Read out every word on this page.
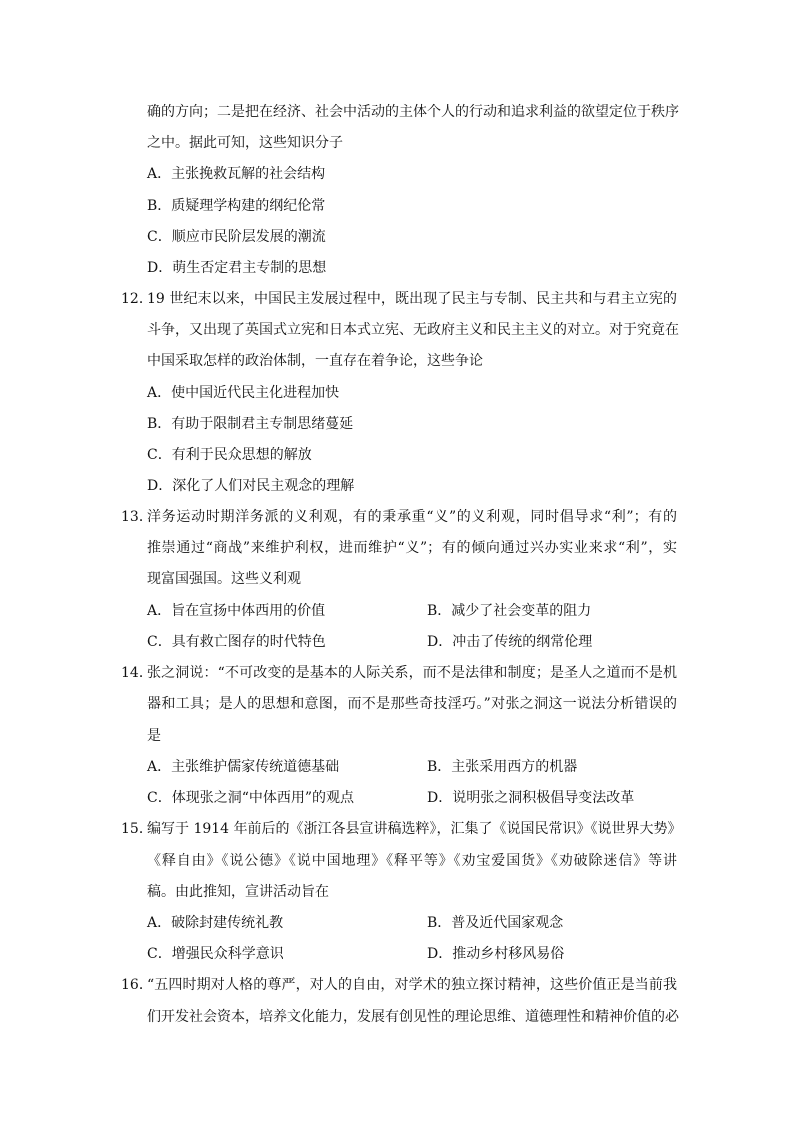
确的方向；二是把在经济、社会中活动的主体个人的行动和追求利益的欲望定位于秩序
之中。据此可知，这些知识分子
A．主张挽救瓦解的社会结构
B．质疑理学构建的纲纪伦常
C．顺应市民阶层发展的潮流
D．萌生否定君主专制的思想
12．
19 世纪末以来，中国民主发展过程中，既出现了民主与专制、民主共和与君主立宪的
斗争，又出现了英国式立宪和日本式立宪、无政府主义和民主主义的对立。对于究竟在
中国采取怎样的政治体制，一直存在着争论，这些争论
A．使中国近代民主化进程加快
B．有助于限制君主专制思绪蔓延
C．有利于民众思想的解放
D．深化了人们对民主观念的理解
13．
洋务运动时期洋务派的义利观，有的秉承重“义”的义利观，同时倡导求“利”；有的
推崇通过“商战”来维护利权，进而维护“义”；有的倾向通过兴办实业来求“利”，实
现富国强国。这些义利观
A．旨在宣扬中体西用的价值	B．减少了社会变革的阻力
C．具有救亡图存的时代特色	D．冲击了传统的纲常伦理
14．
张之洞说：“不可改变的是基本的人际关系，而不是法律和制度；是圣人之道而不是机
器和工具；是人的思想和意图，而不是那些奇技淫巧。”对张之洞这一说法分析错误的
是
A．主张维护儒家传统道德基础	B．主张采用西方的机器
C．体现张之洞“中体西用”的观点	D．说明张之洞积极倡导变法改革
15．
编写于 1914 年前后的《浙江各县宣讲稿选粹》，汇集了《说国民常识》《说世界大势》
《释自由》《说公德》《说中国地理》《释平等》《劝宝爱国货》《劝破除迷信》等讲
稿。由此推知，宣讲活动旨在
A．破除封建传统礼教	B．普及近代国家观念
C．增强民众科学意识	D．推动乡村移风易俗
16．
“五四时期对人格的尊严，对人的自由，对学术的独立探讨精神，这些价值正是当前我
们开发社会资本，培养文化能力，发展有创见性的理论思维、道德理性和精神价值的必
